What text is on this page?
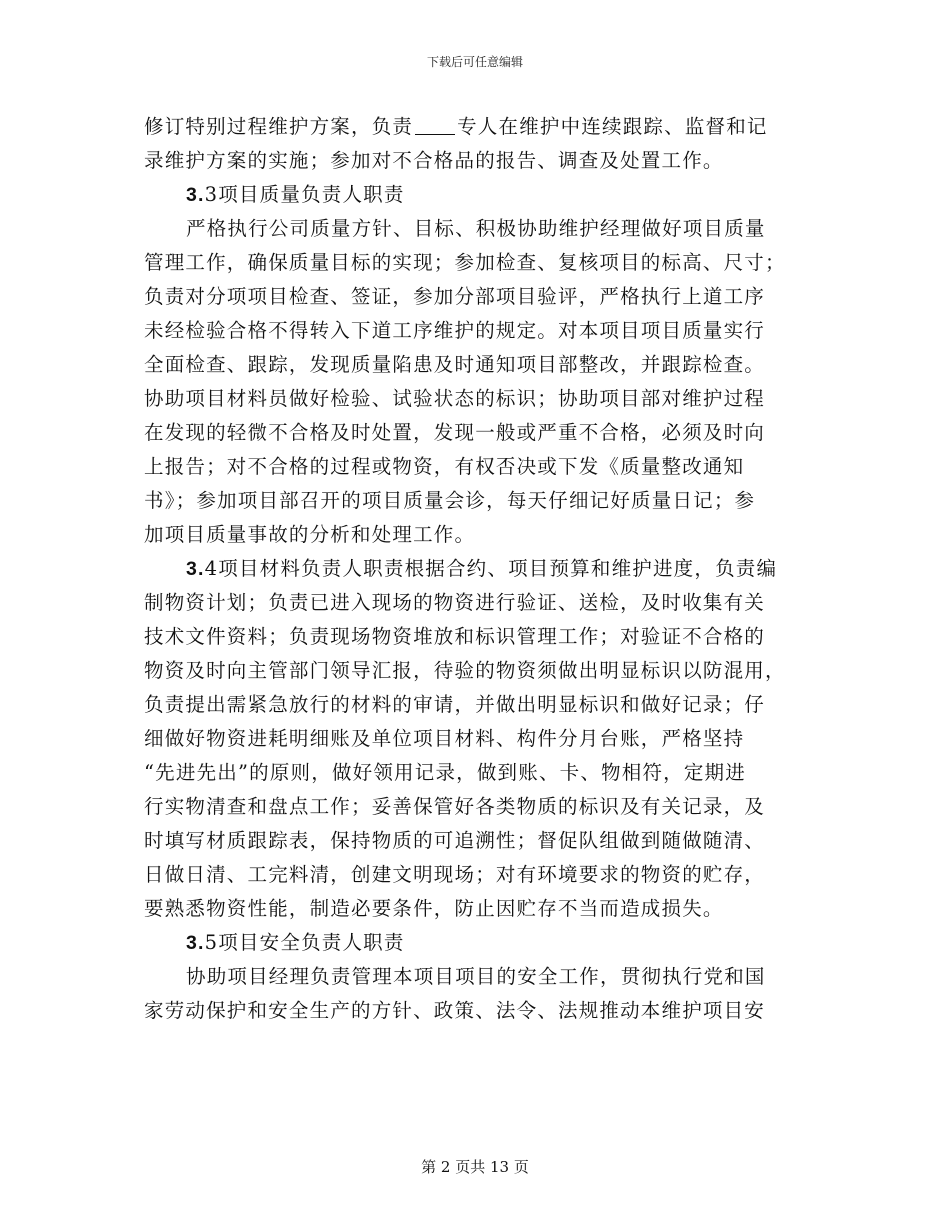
下载后可任意编辑
修订特别过程维护方案，负责 专人在维护中连续跟踪、监督和记
录维护方案的实施；参加对不合格品的报告、调查及处置工作。
3.3项目质量负责人职责
严格执行公司质量方针、目标、积极协助维护经理做好项目质量
管理工作，确保质量目标的实现；参加检查、复核项目的标高、尺寸；
负责对分项项目检查、签证，参加分部项目验评，严格执行上道工序
未经检验合格不得转入下道工序维护的规定。对本项目项目质量实行
全面检查、跟踪，发现质量陷患及时通知项目部整改，并跟踪检查。
协助项目材料员做好检验、试验状态的标识；协助项目部对维护过程
在发现的轻微不合格及时处置，发现一般或严重不合格，必须及时向
上报告；对不合格的过程或物资，有权否决或下发《质量整改通知
书》；参加项目部召开的项目质量会诊，每天仔细记好质量日记；参
加项目质量事故的分析和处理工作。
3.4项目材料负责人职责根据合约、项目预算和维护进度，负责编
制物资计划；负责已进入现场的物资进行验证、送检，及时收集有关
技术文件资料；负责现场物资堆放和标识管理工作；对验证不合格的
物资及时向主管部门领导汇报，待验的物资须做出明显标识以防混用，
负责提出需紧急放行的材料的审请，并做出明显标识和做好记录；仔
细做好物资进耗明细账及单位项目材料、构件分月台账，严格坚持
“先进先出”的原则，做好领用记录，做到账、卡、物相符，定期进
行实物清查和盘点工作；妥善保管好各类物质的标识及有关记录，及
时填写材质跟踪表，保持物质的可追溯性；督促队组做到随做随清、
日做日清、工完料清，创建文明现场；对有环境要求的物资的贮存，
要熟悉物资性能，制造必要条件，防止因贮存不当而造成损失。
3.5项目安全负责人职责
协助项目经理负责管理本项目项目的安全工作，贯彻执行党和国
家劳动保护和安全生产的方针、政策、法令、法规推动本维护项目安
第 2 页共 13 页
